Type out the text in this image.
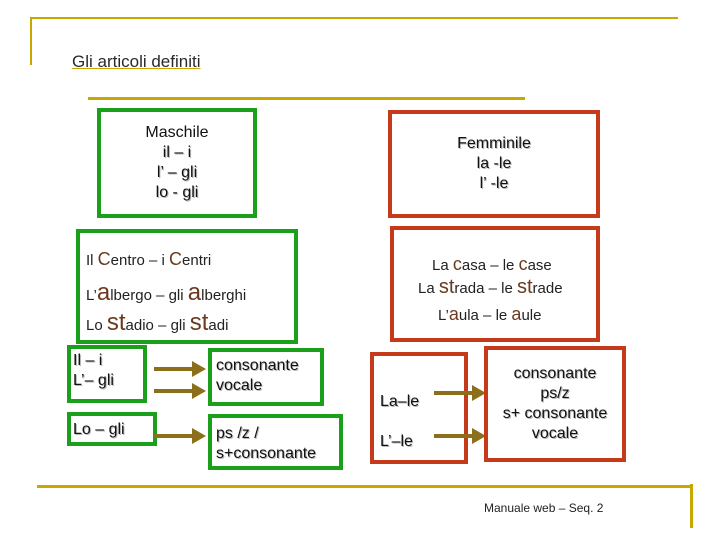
Gli articoli definiti
Maschile
il – i
l’ – gli
lo - gli
Femminile
la -le
l’ -le
Il Centro – i Centri
L’albergo – gli alberghi
Lo stadio – gli stadi
La casa – le case
La strada – le strade
L’aula – le aule
Il – i
L’– gli
Lo – gli
consonante
vocale
ps /z /
s+consonante
La–le
L’–le
consonante
ps/z
s+ consonante
vocale
Manuale web – Seq. 2
